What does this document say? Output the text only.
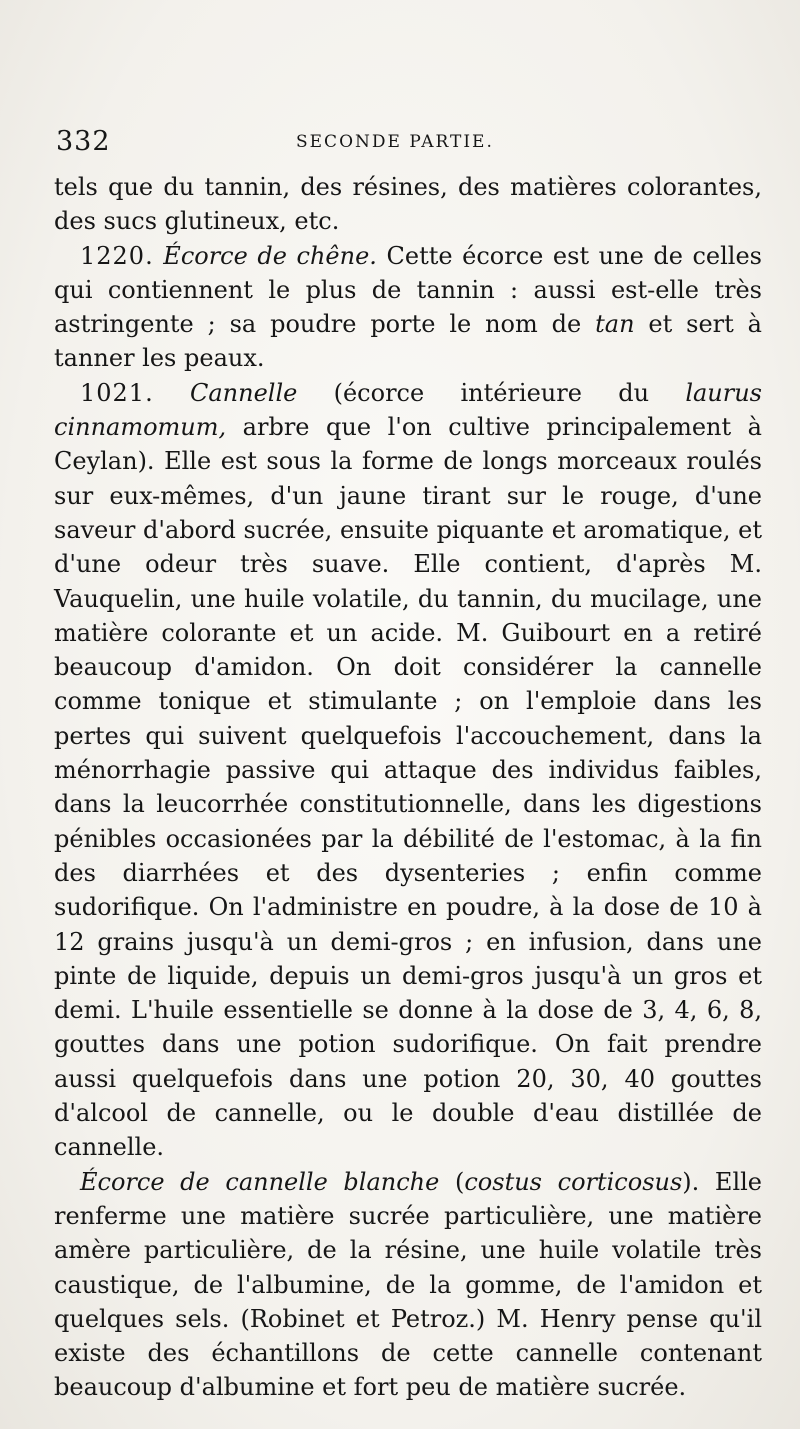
332	SECONDE PARTIE.

tels que du tannin, des résines, des matières colorantes, des sucs glutineux, etc.

1220. Écorce de chêne. Cette écorce est une de celles qui contiennent le plus de tannin : aussi est-elle très astringente ; sa poudre porte le nom de tan et sert à tanner les peaux.

1021. Cannelle (écorce intérieure du laurus cinnamomum, arbre que l'on cultive principalement à Ceylan). Elle est sous la forme de longs morceaux roulés sur eux-mêmes, d'un jaune tirant sur le rouge, d'une saveur d'abord sucrée, ensuite piquante et aromatique, et d'une odeur très suave. Elle contient, d'après M. Vauquelin, une huile volatile, du tannin, du mucilage, une matière colorante et un acide. M. Guibourt en a retiré beaucoup d'amidon. On doit considérer la cannelle comme tonique et stimulante ; on l'emploie dans les pertes qui suivent quelquefois l'accouchement, dans la ménorrhagie passive qui attaque des individus faibles, dans la leucorrhée constitutionnelle, dans les digestions pénibles occasionées par la débilité de l'estomac, à la fin des diarrhées et des dysenteries ; enfin comme sudorifique. On l'administre en poudre, à la dose de 10 à 12 grains jusqu'à un demi-gros ; en infusion, dans une pinte de liquide, depuis un demi-gros jusqu'à un gros et demi. L'huile essentielle se donne à la dose de 3, 4, 6, 8, gouttes dans une potion sudorifique. On fait prendre aussi quelquefois dans une potion 20, 30, 40 gouttes d'alcool de cannelle, ou le double d'eau distillée de cannelle.

Écorce de cannelle blanche (costus corticosus). Elle renferme une matière sucrée particulière, une matière amère particulière, de la résine, une huile volatile très caustique, de l'albumine, de la gomme, de l'amidon et quelques sels. (Robinet et Petroz.) M. Henry pense qu'il existe des échantillons de cette cannelle contenant beaucoup d'albumine et fort peu de matière sucrée.
